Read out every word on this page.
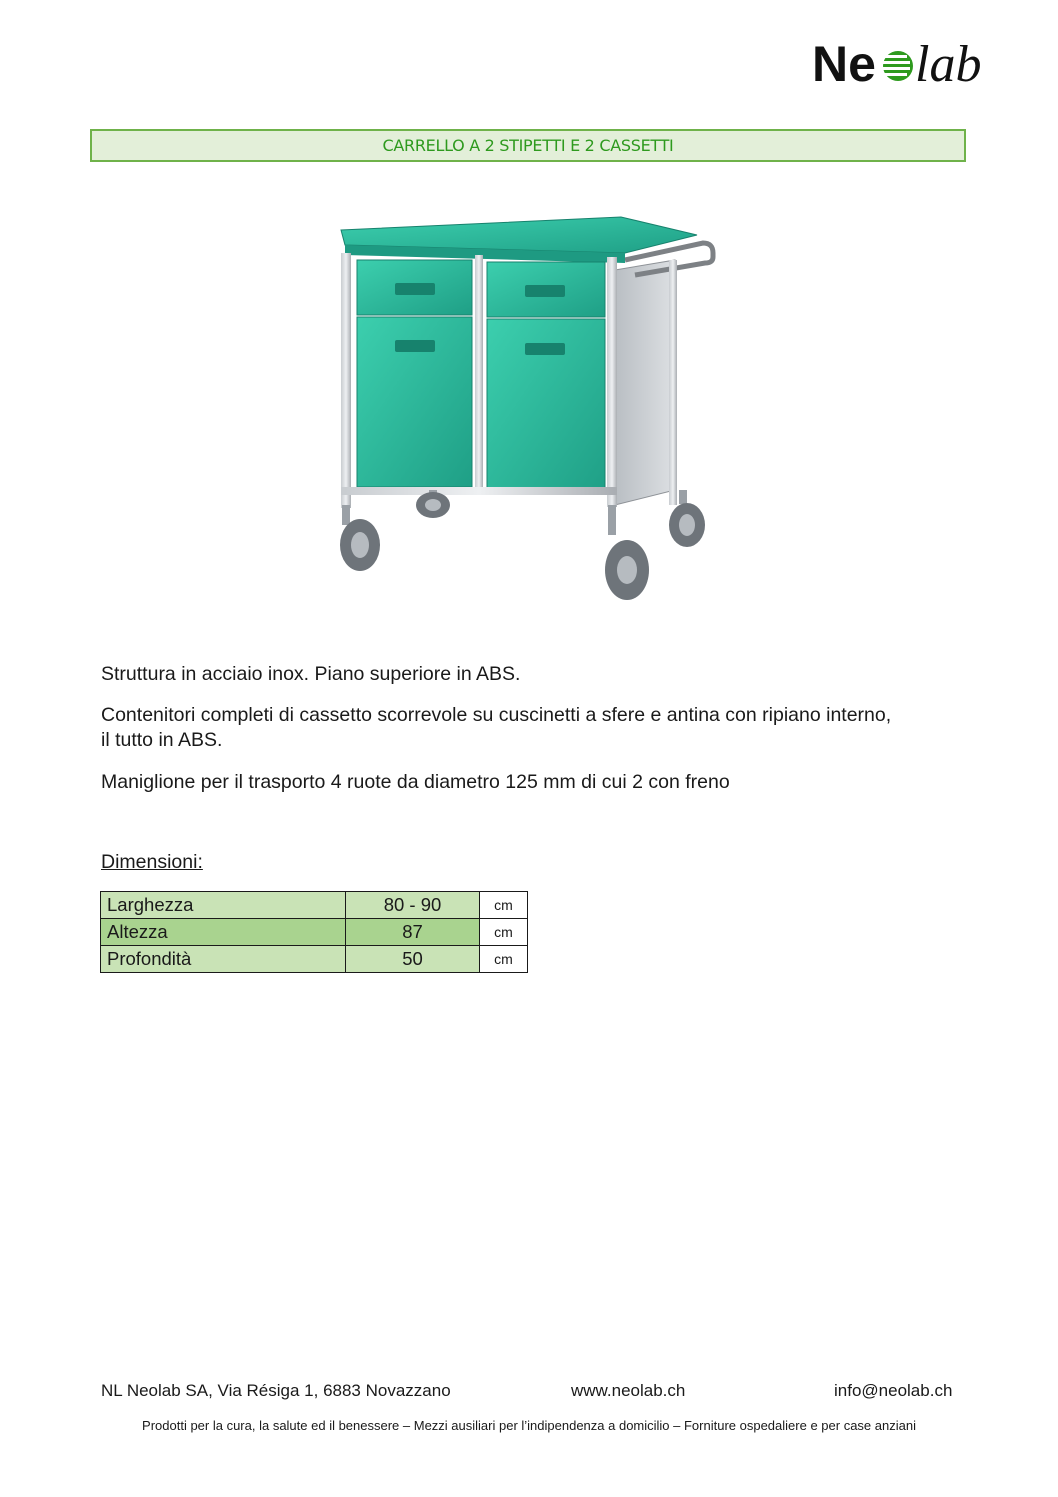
Ne lab
CARRELLO A 2 STIPETTI E 2 CASSETTI

Struttura in acciaio inox. Piano superiore in ABS.

Contenitori completi di cassetto scorrevole su cuscinetti a sfere e antina con ripiano interno, il tutto in ABS.

Maniglione per il trasporto 4 ruote da diametro 125 mm di cui 2 con freno

Dimensioni:

Larghezza	80 - 90	cm
Altezza	87	cm
Profondità	50	cm
NL Neolab SA, Via Résiga 1, 6883 Novazzano	www.neolab.ch	info@neolab.ch
Prodotti per la cura, la salute ed il benessere – Mezzi ausiliari per l’indipendenza a domicilio – Forniture ospedaliere e per case anziani
